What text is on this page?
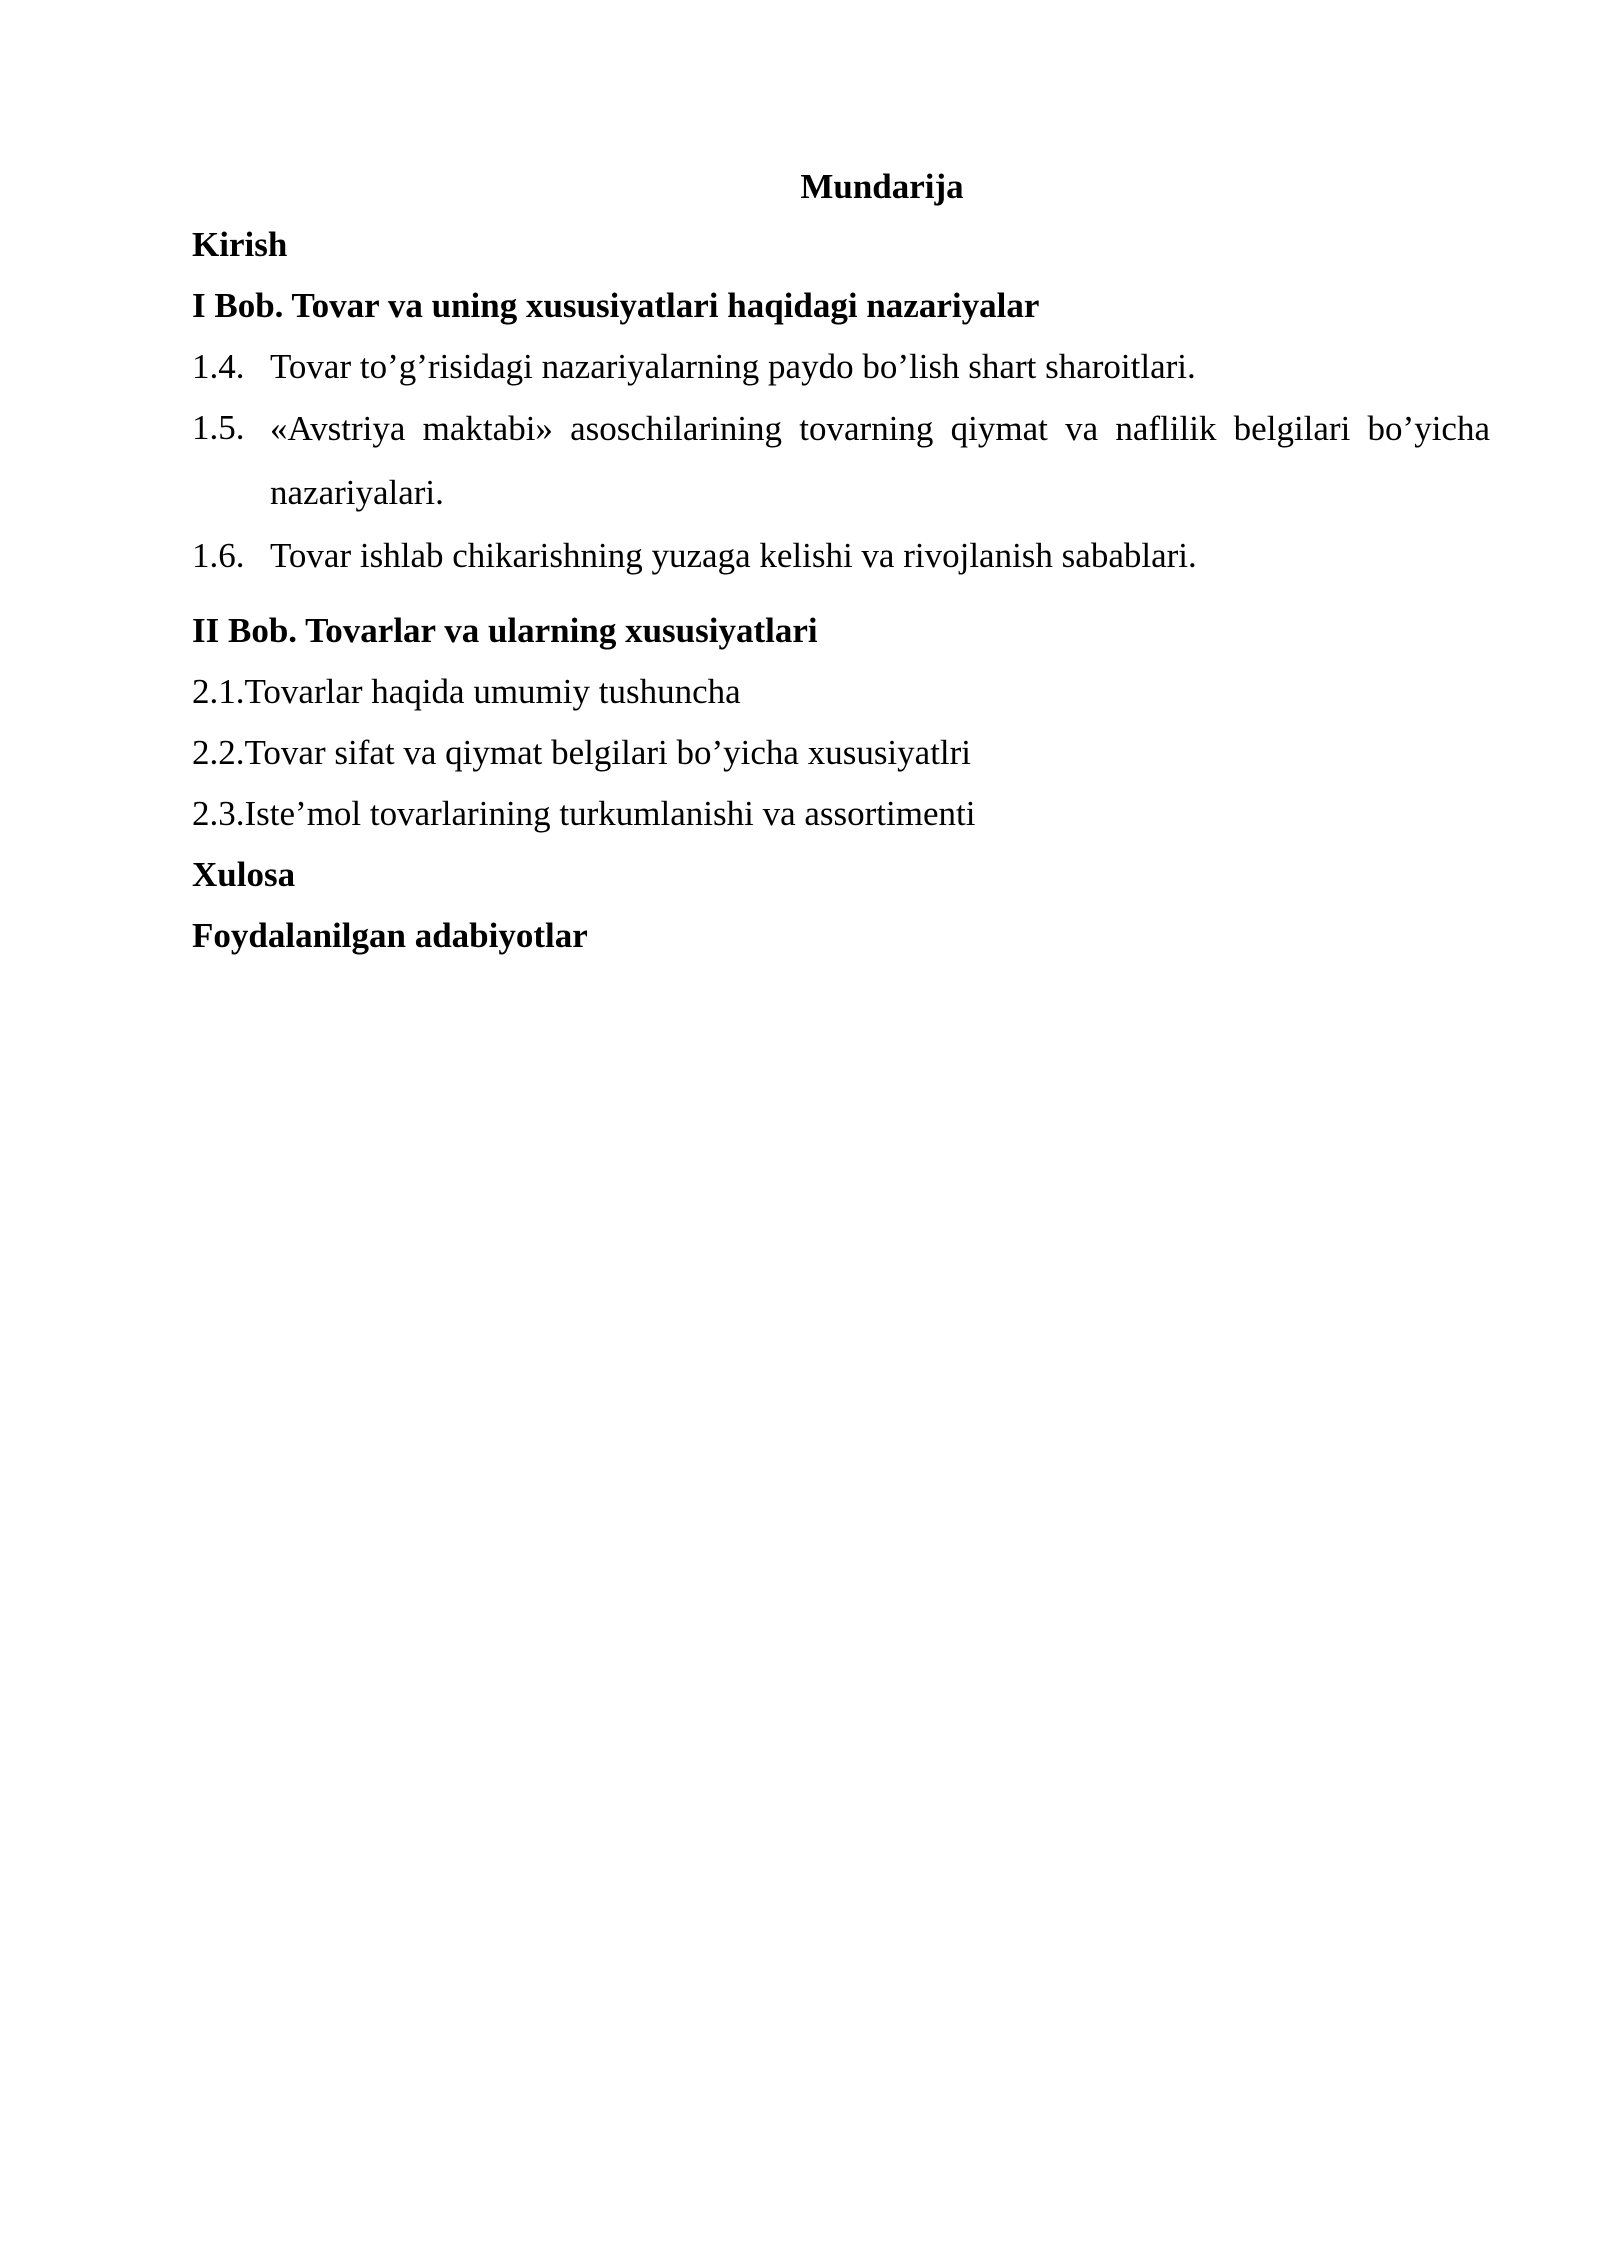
Mundarija
Kirish
I Bob. Tovar va uning xususiyatlari haqidagi nazariyalar
1.4. Tovar to’g’risidagi nazariyalarning paydo bo’lish shart sharoitlari.
1.5. «Avstriya maktabi» asoschilarining tovarning qiymat va naflilik belgilari bo’yicha nazariyalari.
1.6. Tovar ishlab chikarishning yuzaga kelishi va rivojlanish sabablari.
II Bob. Tovarlar va ularning xususiyatlari
2.1.Tovarlar haqida umumiy tushuncha
2.2.Tovar sifat va qiymat belgilari bo’yicha xususiyatlri
2.3.Iste’mol tovarlarining turkumlanishi va assortimenti
Xulosa
Foydalanilgan adabiyotlar
